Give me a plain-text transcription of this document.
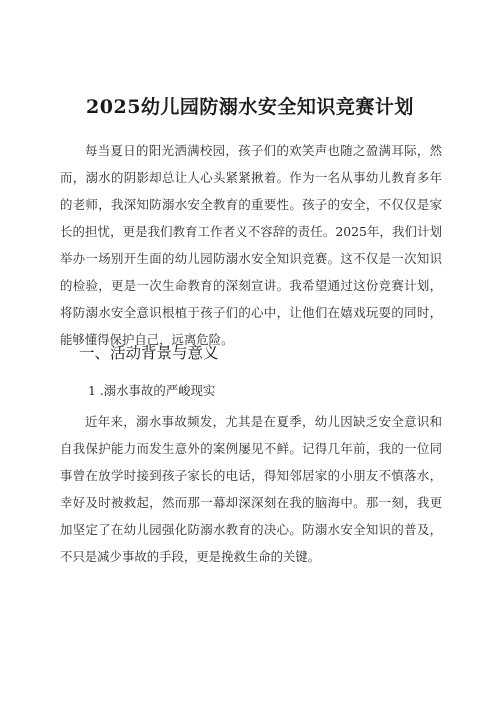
2025幼儿园防溺水安全知识竞赛计划

每当夏日的阳光洒满校园，孩子们的欢笑声也随之盈满耳际，然而，溺水的阴影却总让人心头紧紧揪着。作为一名从事幼儿教育多年的老师，我深知防溺水安全教育的重要性。孩子的安全，不仅仅是家长的担忧，更是我们教育工作者义不容辞的责任。2025年，我们计划举办一场别开生面的幼儿园防溺水安全知识竞赛。这不仅是一次知识的检验，更是一次生命教育的深刻宣讲。我希望通过这份竞赛计划，将防溺水安全意识根植于孩子们的心中，让他们在嬉戏玩耍的同时，能够懂得保护自己，远离危险。

一、活动背景与意义
1 .溺水事故的严峻现实

近年来，溺水事故频发，尤其是在夏季，幼儿因缺乏安全意识和自我保护能力而发生意外的案例屡见不鲜。记得几年前，我的一位同事曾在放学时接到孩子家长的电话，得知邻居家的小朋友不慎落水，幸好及时被救起，然而那一幕却深深刻在我的脑海中。那一刻，我更加坚定了在幼儿园强化防溺水教育的决心。防溺水安全知识的普及，不只是减少事故的手段，更是挽救生命的关键。
